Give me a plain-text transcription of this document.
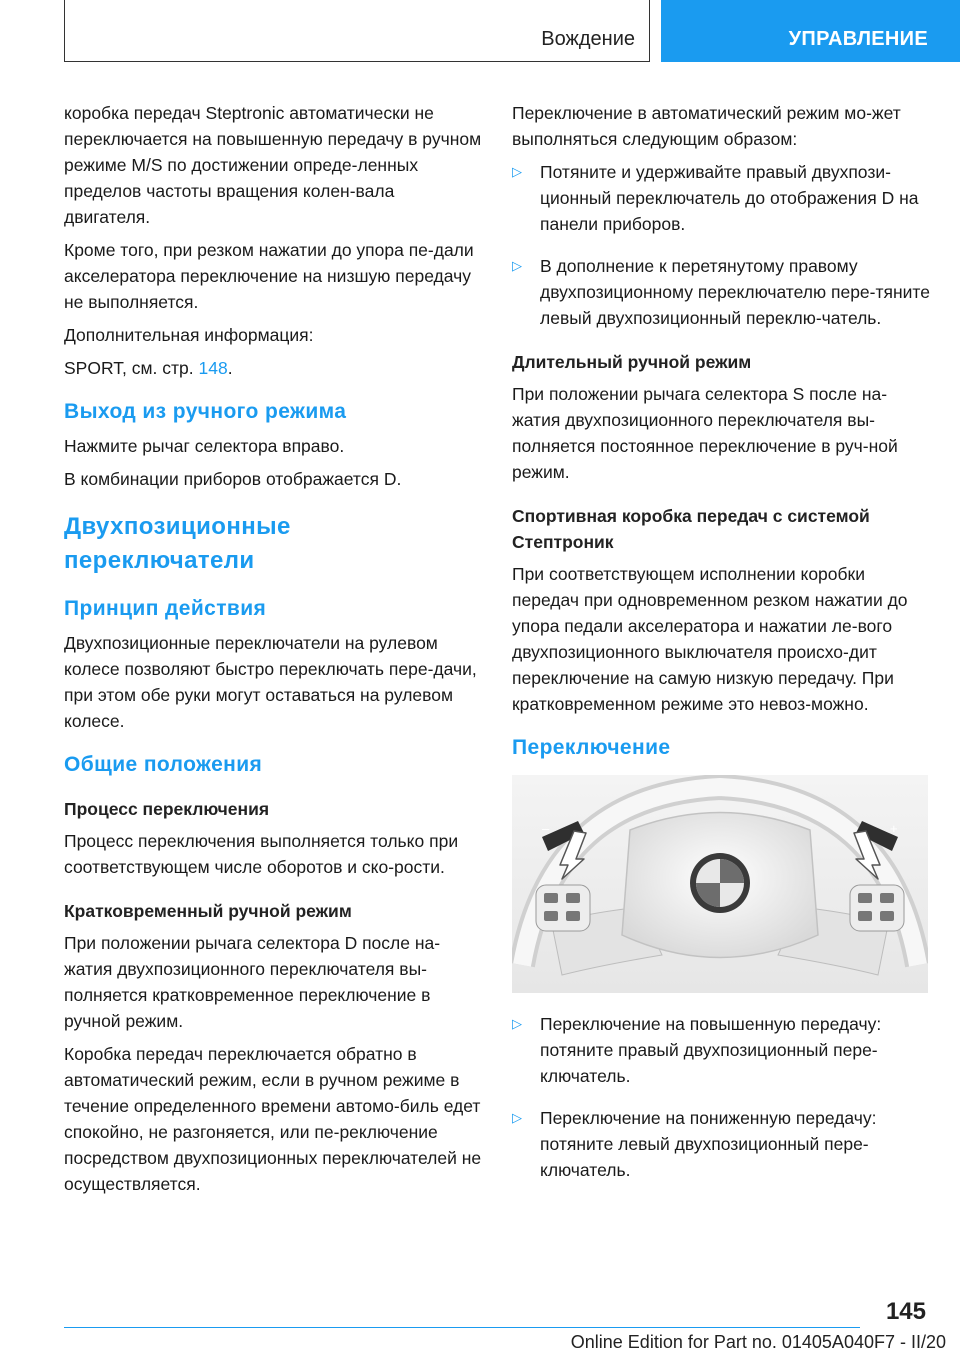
Вождение	УПРАВЛЕНИЕ

коробка передач Steptronic автоматически не переключается на повышенную передачу в ручном режиме M/S по достижении опреде-ленных пределов частоты вращения колен-вала двигателя.

Кроме того, при резком нажатии до упора пе-дали акселератора переключение на низшую передачу не выполняется.

Дополнительная информация:

SPORT, см. стр. 148.

Выход из ручного режима

Нажмите рычаг селектора вправо.

В комбинации приборов отображается D.

Двухпозиционные переключатели
Принцип действия

Двухпозиционные переключатели на рулевом колесе позволяют быстро переключать пере-дачи, при этом обе руки могут оставаться на рулевом колесе.

Общие положения
Процесс переключения

Процесс переключения выполняется только при соответствующем числе оборотов и ско-рости.

Кратковременный ручной режим

При положении рычага селектора D после на-жатия двухпозиционного переключателя вы-полняется кратковременное переключение в ручной режим.

Коробка передач переключается обратно в автоматический режим, если в ручном режиме в течение определенного времени автомо-биль едет спокойно, не разгоняется, или пе-реключение посредством двухпозиционных переключателей не осуществляется.

Переключение в автоматический режим мо-жет выполняться следующим образом:

▷ Потяните и удерживайте правый двухпози-ционный переключатель до отображения D на панели приборов.
▷ В дополнение к перетянутому правому двухпозиционному переключателю пере-тяните левый двухпозиционный переклю-чатель.
Длительный ручной режим

При положении рычага селектора S после на-жатия двухпозиционного переключателя вы-полняется постоянное переключение в руч-ной режим.

Спортивная коробка передач с системой Стептроник

При соответствующем исполнении коробки передач при одновременном резком нажатии до упора педали акселератора и нажатии ле-вого двухпозиционного выключателя происхо-дит переключение на самую низкую передачу. При кратковременном режиме это невоз-можно.

Переключение
–	+
▷ Переключение на повышенную передачу: потяните правый двухпозиционный пере-ключатель.
▷ Переключение на пониженную передачу: потяните левый двухпозиционный пере-ключатель.
145
Online Edition for Part no. 01405A040F7 - II/20
